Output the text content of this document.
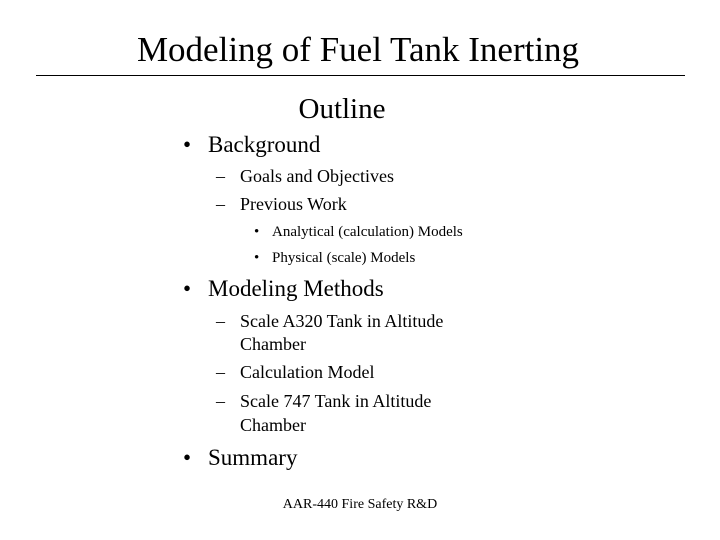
Modeling of Fuel Tank Inerting
Outline
• Background
– Goals and Objectives
– Previous Work
• Analytical (calculation) Models
• Physical (scale) Models
• Modeling Methods
– Scale A320 Tank in Altitude
Chamber
– Calculation Model
– Scale 747 Tank in Altitude
Chamber
• Summary
AAR-440 Fire Safety R&D
